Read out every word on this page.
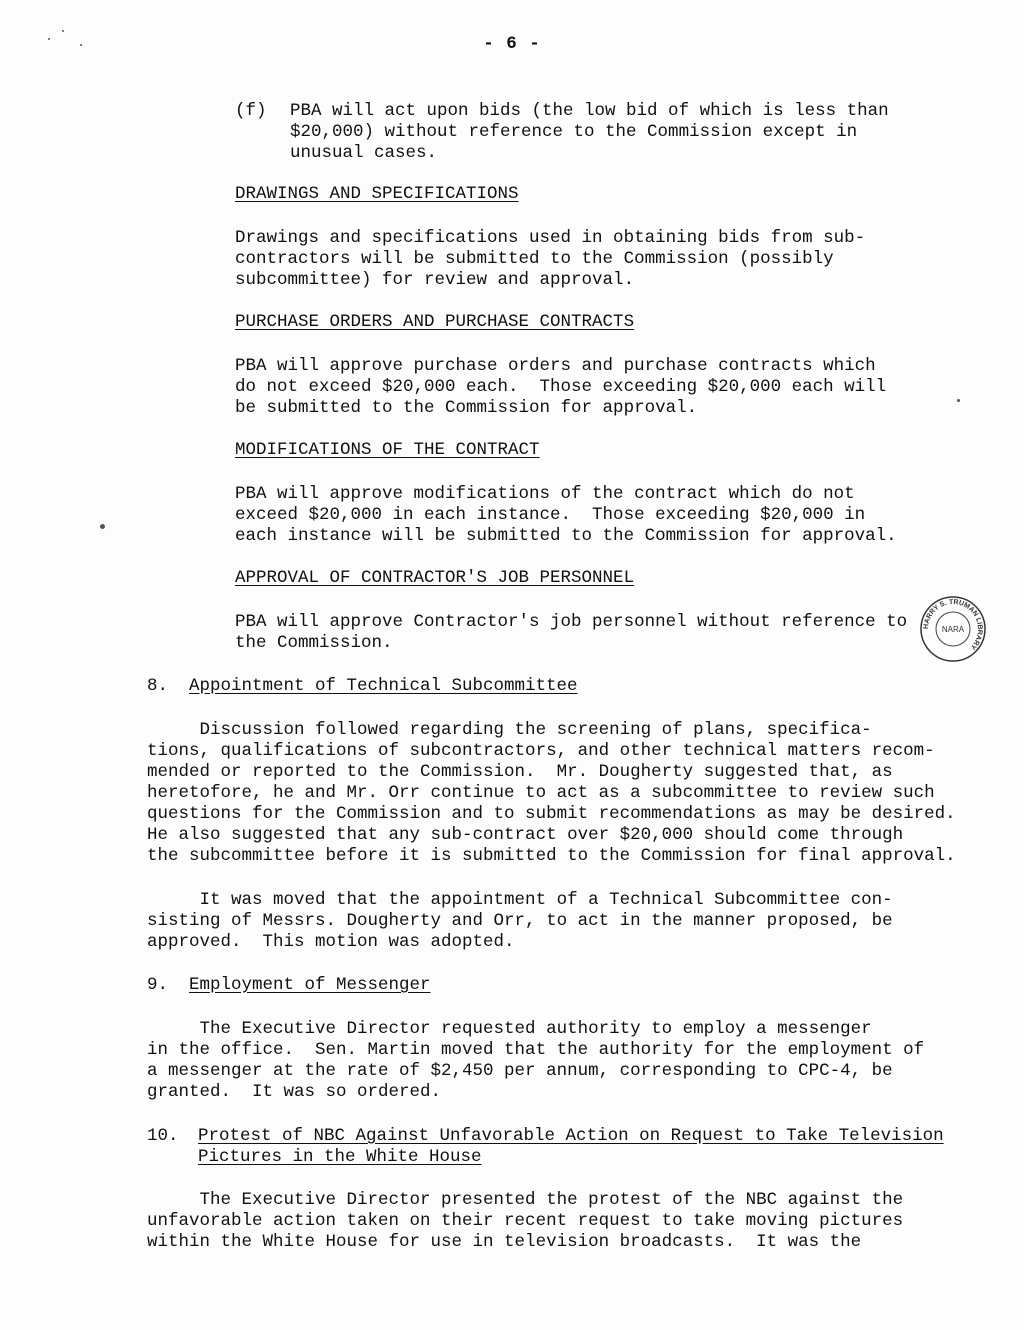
- 6 -
(f) PBA will act upon bids (the low bid of which is less than
$20,000) without reference to the Commission except in
unusual cases.
DRAWINGS AND SPECIFICATIONS
Drawings and specifications used in obtaining bids from sub-
contractors will be submitted to the Commission (possibly
subcommittee) for review and approval.
PURCHASE ORDERS AND PURCHASE CONTRACTS
PBA will approve purchase orders and purchase contracts which
do not exceed $20,000 each.  Those exceeding $20,000 each will
be submitted to the Commission for approval.
MODIFICATIONS OF THE CONTRACT
PBA will approve modifications of the contract which do not
exceed $20,000 in each instance.  Those exceeding $20,000 in
each instance will be submitted to the Commission for approval.
APPROVAL OF CONTRACTOR'S JOB PERSONNEL
PBA will approve Contractor's job personnel without reference to
the Commission.
HARRY S. TRUMAN LIBRARY
NARA
8. Appointment of Technical Subcommittee
Discussion followed regarding the screening of plans, specifica-
tions, qualifications of subcontractors, and other technical matters recom-
mended or reported to the Commission.  Mr. Dougherty suggested that, as
heretofore, he and Mr. Orr continue to act as a subcommittee to review such
questions for the Commission and to submit recommendations as may be desired.
He also suggested that any sub-contract over $20,000 should come through
the subcommittee before it is submitted to the Commission for final approval.
It was moved that the appointment of a Technical Subcommittee con-
sisting of Messrs. Dougherty and Orr, to act in the manner proposed, be
approved.  This motion was adopted.
9. Employment of Messenger
The Executive Director requested authority to employ a messenger
in the office.  Sen. Martin moved that the authority for the employment of
a messenger at the rate of $2,450 per annum, corresponding to CPC-4, be
granted.  It was so ordered.
10. Protest of NBC Against Unfavorable Action on Request to Take Television
Pictures in the White House
The Executive Director presented the protest of the NBC against the
unfavorable action taken on their recent request to take moving pictures
within the White House for use in television broadcasts.  It was the
